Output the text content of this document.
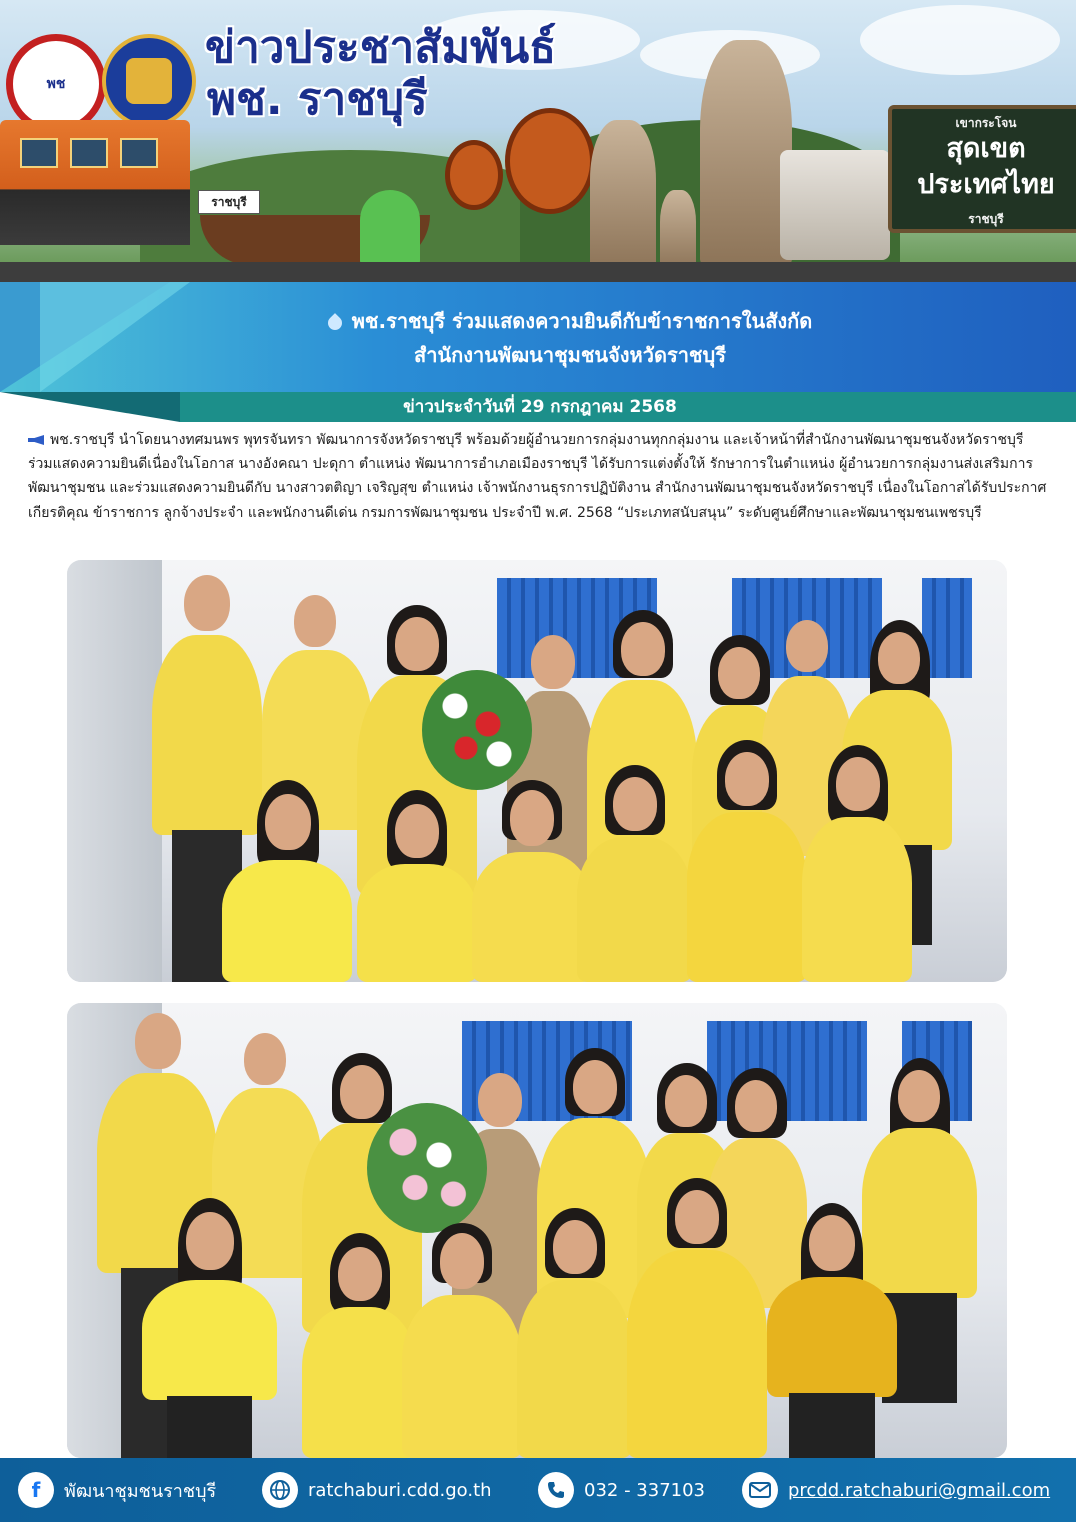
พช
ข่าวประชาสัมพันธ์
พช. ราชบุรี
ราชบุรี
เขากระโจน
สุดเขตประเทศไทย
ราชบุรี
พช.ราชบุรี ร่วมแสดงความยินดีกับข้าราชการในสังกัด
สำนักงานพัฒนาชุมชนจังหวัดราชบุรี

ข่าวประจำวันที่ 29 กรกฎาคม 2568

พช.ราชบุรี นำโดยนางทศมนพร พุทรจันทรา พัฒนาการจังหวัดราชบุรี พร้อมด้วยผู้อำนวยการกลุ่มงานทุกกลุ่มงาน และเจ้าหน้าที่สำนักงานพัฒนาชุมชนจังหวัดราชบุรี ร่วมแสดงความยินดีเนื่องในโอกาส นางอังคณา ปะดุกา ตำแหน่ง พัฒนาการอำเภอเมืองราชบุรี ได้รับการแต่งตั้งให้ รักษาการในตำแหน่ง ผู้อำนวยการกลุ่มงานส่งเสริมการพัฒนาชุมชน และร่วมแสดงความยินดีกับ นางสาวตติญา เจริญสุข ตำแหน่ง เจ้าพนักงานธุรการปฏิบัติงาน สำนักงานพัฒนาชุมชนจังหวัดราชบุรี เนื่องในโอกาสได้รับประกาศเกียรติคุณ ข้าราชการ ลูกจ้างประจำ และพนักงานดีเด่น กรมการพัฒนาชุมชน ประจำปี พ.ศ. 2568 “ประเภทสนับสนุน” ระดับศูนย์ศึกษาและพัฒนาชุมชนเพชรบุรี

f	พัฒนาชุมชนราชบุรี	ratchaburi.cdd.go.th	032 - 337103	prcdd.ratchaburi@gmail.com
